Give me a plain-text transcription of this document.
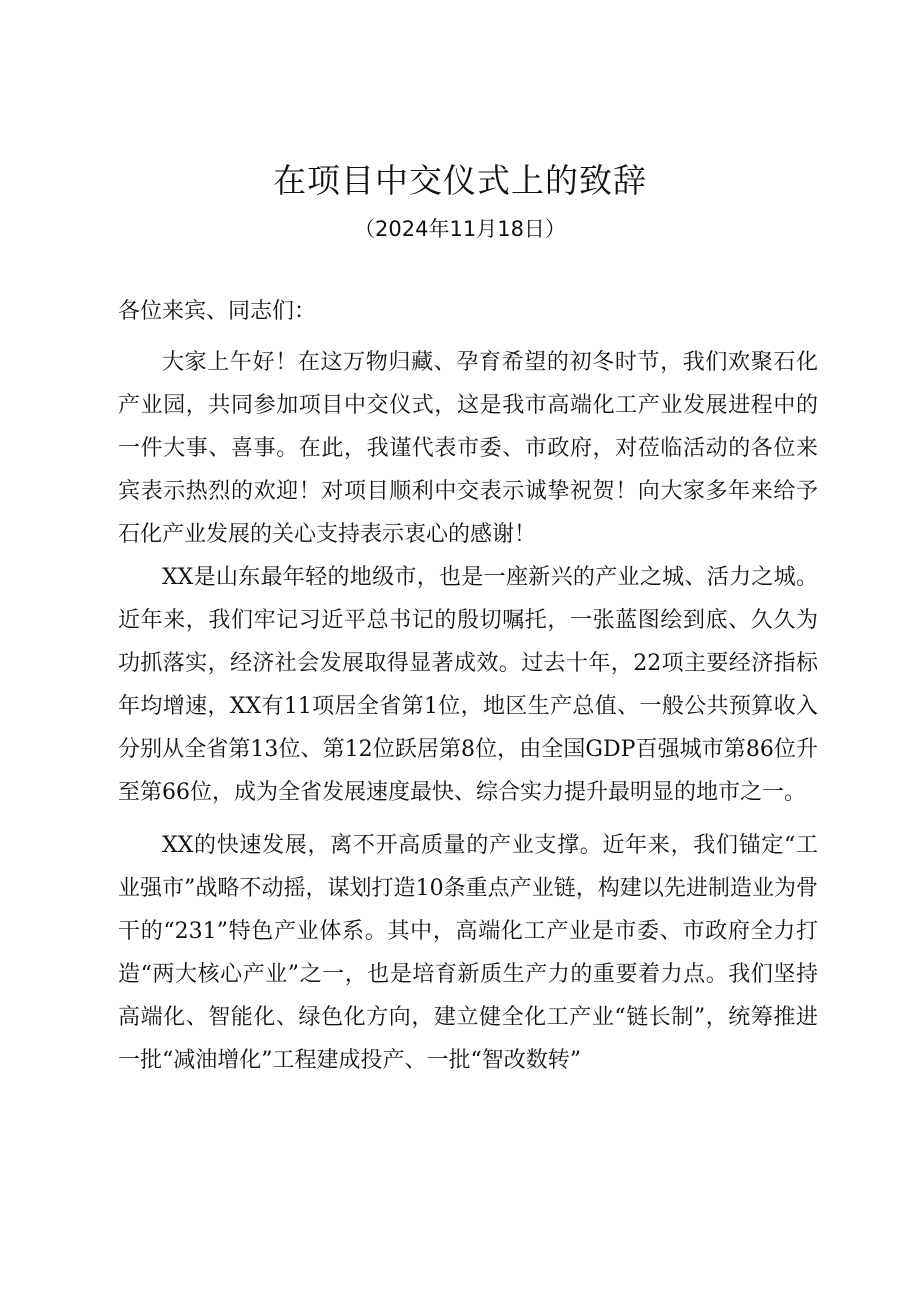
在项目中交仪式上的致辞
（2024年11月18日）

各位来宾、同志们：

大家上午好！在这万物归藏、孕育希望的初冬时节，我们欢聚石化产业园，共同参加项目中交仪式，这是我市高端化工产业发展进程中的一件大事、喜事。在此，我谨代表市委、市政府，对莅临活动的各位来宾表示热烈的欢迎！对项目顺利中交表示诚挚祝贺！向大家多年来给予石化产业发展的关心支持表示衷心的感谢！

XX是山东最年轻的地级市，也是一座新兴的产业之城、活力之城。近年来，我们牢记习近平总书记的殷切嘱托，一张蓝图绘到底、久久为功抓落实，经济社会发展取得显著成效。过去十年，22项主要经济指标年均增速，XX有11项居全省第1位，地区生产总值、一般公共预算收入分别从全省第13位、第12位跃居第8位，由全国GDP百强城市第86位升至第66位，成为全省发展速度最快、综合实力提升最明显的地市之一。

XX的快速发展，离不开高质量的产业支撑。近年来，我们锚定“工业强市”战略不动摇，谋划打造10条重点产业链，构建以先进制造业为骨干的“231”特色产业体系。其中，高端化工产业是市委、市政府全力打造“两大核心产业”之一，也是培育新质生产力的重要着力点。我们坚持高端化、智能化、绿色化方向，建立健全化工产业“链长制”，统筹推进一批“减油增化”工程建成投产、一批“智改数转”
